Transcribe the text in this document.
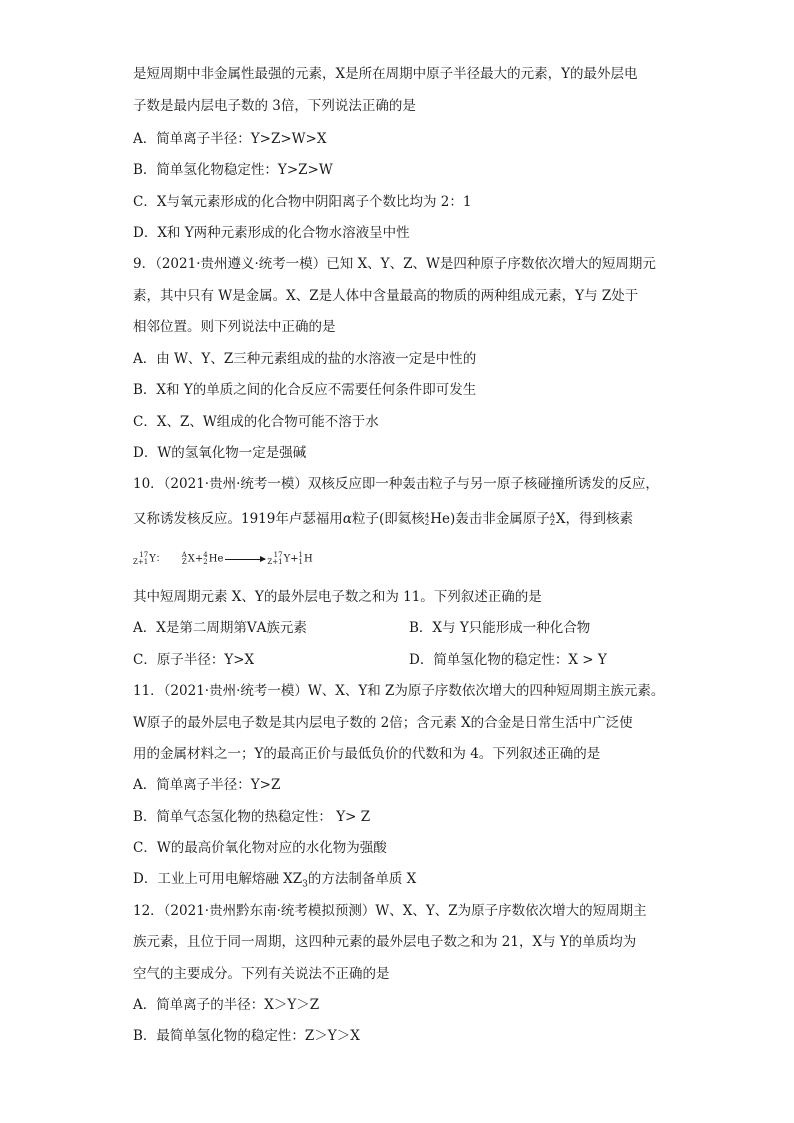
是短周期中非金属性最强的元素，X是所在周期中原子半径最大的元素，Y的最外层电
子数是最内层电子数的 3倍，下列说法正确的是
A．简单离子半径：Y>Z>W>X
B．简单氢化物稳定性：Y>Z>W
C．X与氧元素形成的化合物中阴阳离子个数比均为 2：1
D．X和 Y两种元素形成的化合物水溶液呈中性
9．（2021·贵州遵义·统考一模）已知 X、Y、Z、W是四种原子序数依次增大的短周期元
素，其中只有 W是金属。X、Z是人体中含量最高的物质的两种组成元素，Y与 Z处于
相邻位置。则下列说法中正确的是
A．由 W、Y、Z三种元素组成的盐的水溶液一定是中性的
B．X和 Y的单质之间的化合反应不需要任何条件即可发生
C．X、Z、W组成的化合物可能不溶于水
D．W的氢氧化物一定是强碱
10．（2021·贵州·统考一模）双核反应即一种轰击粒子与另一原子核碰撞所诱发的反应，
又称诱发核反应。1919年卢瑟福用α粒子(即氦核 4
2 He)轰击非金属原子 A
Z X，得到核素
17
Z+1 Y： A
Z X+ 4
2 He →	17
Z+1 Y+ 1
1 H
其中短周期元素 X、Y的最外层电子数之和为 11。下列叙述正确的是
A．X是第二周期第ⅤA族元素	B．X与 Y只能形成一种化合物
C．原子半径：Y>X	D．简单氢化物的稳定性：X > Y
11．（2021·贵州·统考一模）W、X、Y和 Z为原子序数依次增大的四种短周期主族元素。
W原子的最外层电子数是其内层电子数的 2倍；含元素 X的合金是日常生活中广泛使
用的金属材料之一；Y的最高正价与最低负价的代数和为 4。下列叙述正确的是
A．简单离子半径：Y>Z
B．简单气态氢化物的热稳定性： Y> Z
C．W的最高价氧化物对应的水化物为强酸
D．工业上可用电解熔融 $XZ_3$的方法制备单质 X
12．（2021·贵州黔东南·统考模拟预测）W、X、Y、Z为原子序数依次增大的短周期主
族元素，且位于同一周期，这四种元素的最外层电子数之和为 21，X与 Y的单质均为
空气的主要成分。下列有关说法不正确的是
A．简单离子的半径：X＞Y＞Z
B．最简单氢化物的稳定性：Z＞Y＞X
